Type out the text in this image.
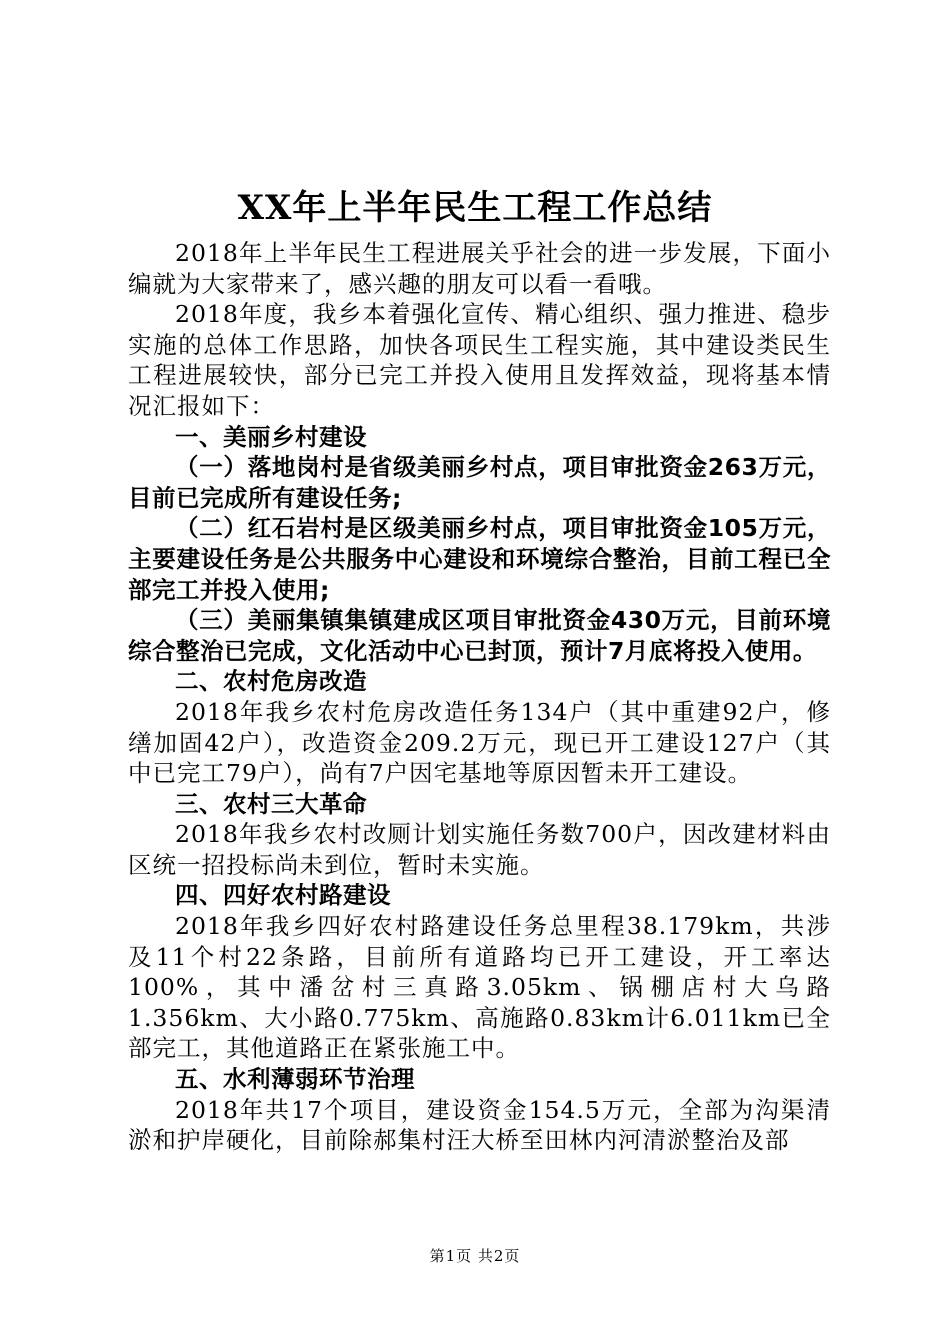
XX年上半年民生工程工作总结

2018年上半年民生工程进展关乎社会的进一步发展，下面小编就为大家带来了，感兴趣的朋友可以看一看哦。

2018年度，我乡本着强化宣传、精心组织、强力推进、稳步实施的总体工作思路，加快各项民生工程实施，其中建设类民生工程进展较快，部分已完工并投入使用且发挥效益，现将基本情况汇报如下：

一、美丽乡村建设

（一）落地岗村是省级美丽乡村点，项目审批资金263万元，目前已完成所有建设任务;

（二）红石岩村是区级美丽乡村点，项目审批资金105万元，主要建设任务是公共服务中心建设和环境综合整治，目前工程已全部完工并投入使用;

（三）美丽集镇集镇建成区项目审批资金430万元，目前环境综合整治已完成，文化活动中心已封顶，预计7月底将投入使用。

二、农村危房改造

2018年我乡农村危房改造任务134户（其中重建92户，修缮加固42户），改造资金209.2万元，现已开工建设127户（其中已完工79户），尚有7户因宅基地等原因暂未开工建设。

三、农村三大革命

2018年我乡农村改厕计划实施任务数700户，因改建材料由区统一招投标尚未到位，暂时未实施。

四、四好农村路建设

2018年我乡四好农村路建设任务总里程38.179km，共涉及11个村22条路，目前所有道路均已开工建设，开工率达100%，其中潘岔村三真路3.05km、锅棚店村大乌路1.356km、大小路0.775km、高施路0.83km计6.011km已全部完工，其他道路正在紧张施工中。

五、水利薄弱环节治理

2018年共17个项目，建设资金154.5万元，全部为沟渠清淤和护岸硬化，目前除郝集村汪大桥至田林内河清淤整治及部

第1页 共2页
